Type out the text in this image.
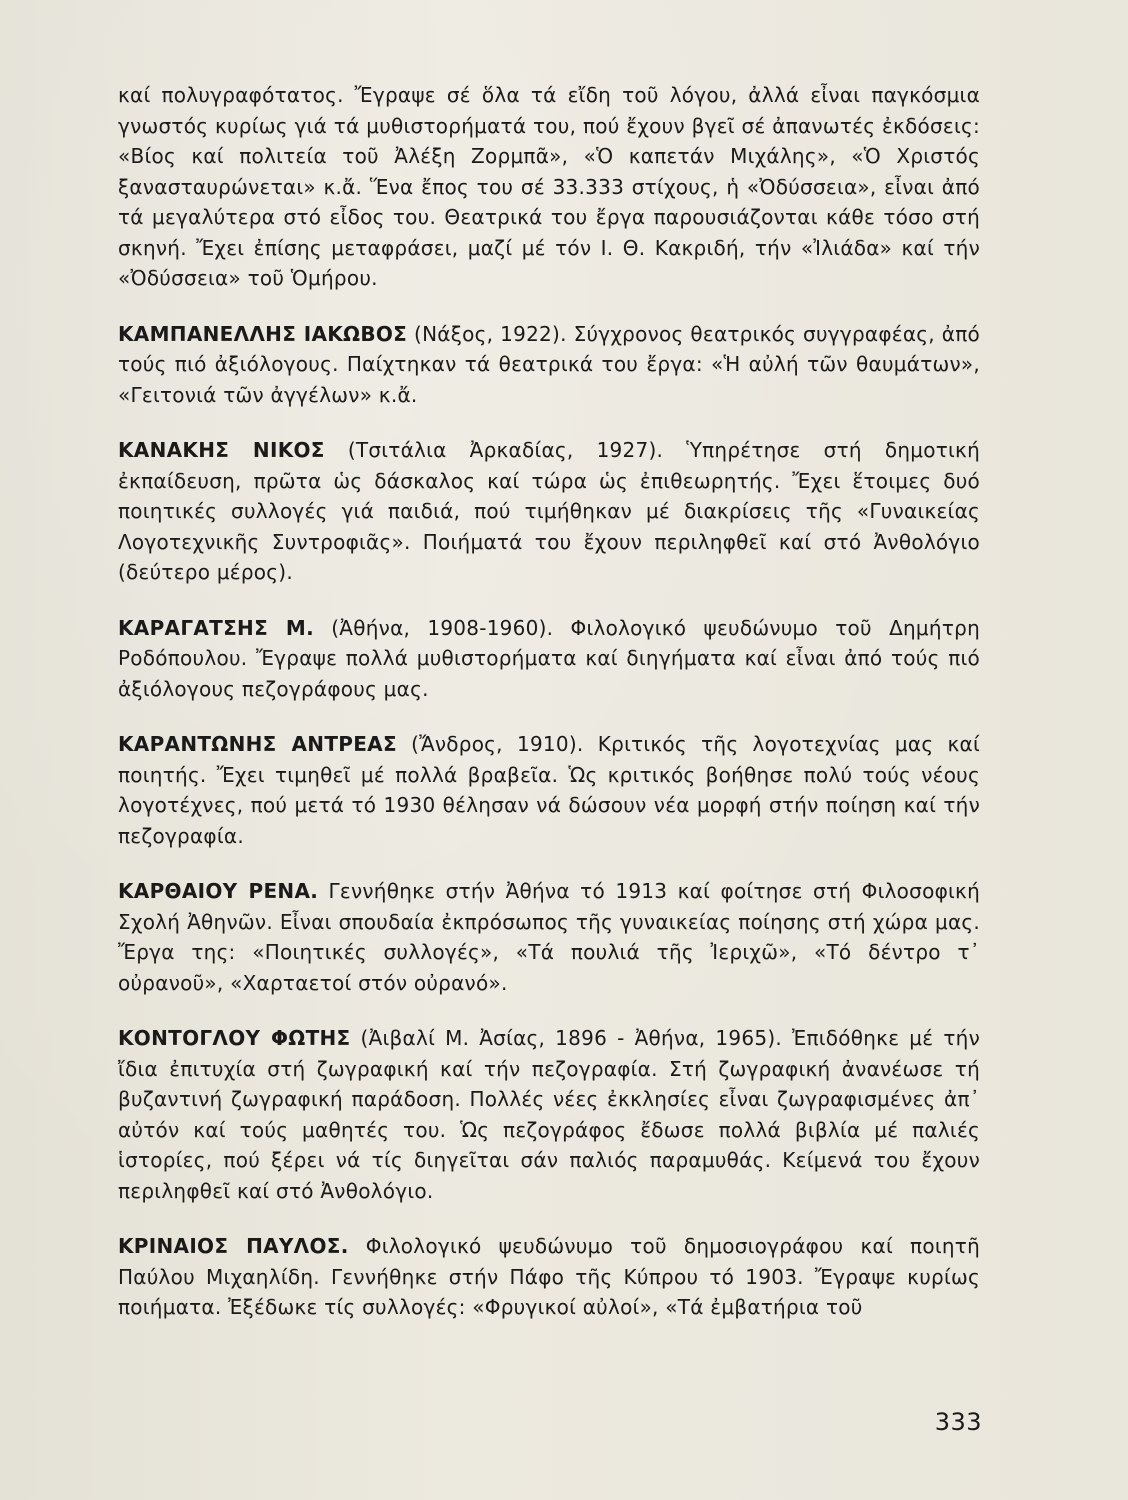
καί πολυγραφότατος. Ἔγραψε σέ ὅλα τά εἴδη τοῦ λόγου, ἀλλά εἶναι παγκόσμια γνωστός κυρίως γιά τά μυθιστορήματά του, πού ἔχουν βγεῖ σέ ἀπανωτές ἐκδόσεις: «Βίος καί πολιτεία τοῦ Ἀλέξη Ζορμπᾶ», «Ὁ καπετάν Μιχάλης», «Ὁ Χριστός ξανασταυρώνεται» κ.ἄ. Ἕνα ἔπος του σέ 33.333 στίχους, ἡ «Ὀδύσσεια», εἶναι ἀπό τά μεγαλύτερα στό εἶδος του. Θεατρικά του ἔργα παρουσιάζονται κάθε τόσο στή σκηνή. Ἔχει ἐπίσης μεταφράσει, μαζί μέ τόν Ι. Θ. Κακριδή, τήν «Ἰλιάδα» καί τήν «Ὀδύσσεια» τοῦ Ὁμήρου.

ΚΑΜΠΑΝΕΛΛΗΣ ΙΑΚΩΒΟΣ (Νάξος, 1922). Σύγχρονος θεατρικός συγγραφέας, ἀπό τούς πιό ἀξιόλογους. Παίχτηκαν τά θεατρικά του ἔργα: «Ἡ αὐλή τῶν θαυμάτων», «Γειτονιά τῶν ἀγγέλων» κ.ἄ.

ΚΑΝΑΚΗΣ ΝΙΚΟΣ (Τσιτάλια Ἀρκαδίας, 1927). Ὑπηρέτησε στή δημοτική ἐκπαίδευση, πρῶτα ὡς δάσκαλος καί τώρα ὡς ἐπιθεωρητής. Ἔχει ἕτοιμες δυό ποιητικές συλλογές γιά παιδιά, πού τιμήθηκαν μέ διακρίσεις τῆς «Γυναικείας Λογοτεχνικῆς Συντροφιᾶς». Ποιήματά του ἔχουν περιληφθεῖ καί στό Ἀνθολόγιο (δεύτερο μέρος).

ΚΑΡΑΓΑΤΣΗΣ Μ. (Ἀθήνα, 1908-1960). Φιλολογικό ψευδώνυμο τοῦ Δημήτρη Ροδόπουλου. Ἔγραψε πολλά μυθιστορήματα καί διηγήματα καί εἶναι ἀπό τούς πιό ἀξιόλογους πεζογράφους μας.

ΚΑΡΑΝΤΩΝΗΣ ΑΝΤΡΕΑΣ (Ἄνδρος, 1910). Κριτικός τῆς λογοτεχνίας μας καί ποιητής. Ἔχει τιμηθεῖ μέ πολλά βραβεῖα. Ὡς κριτικός βοήθησε πολύ τούς νέους λογοτέχνες, πού μετά τό 1930 θέλησαν νά δώσουν νέα μορφή στήν ποίηση καί τήν πεζογραφία.

ΚΑΡΘΑΙΟΥ ΡΕΝΑ. Γεννήθηκε στήν Ἀθήνα τό 1913 καί φοίτησε στή Φιλοσοφική Σχολή Ἀθηνῶν. Εἶναι σπουδαία ἐκπρόσωπος τῆς γυναικείας ποίησης στή χώρα μας. Ἔργα της: «Ποιητικές συλλογές», «Τά πουλιά τῆς Ἰεριχῶ», «Τό δέντρο τ᾽ οὐρανοῦ», «Χαρταετοί στόν οὐρανό».

ΚΟΝΤΟΓΛΟΥ ΦΩΤΗΣ (Ἀιβαλί Μ. Ἀσίας, 1896 - Ἀθήνα, 1965). Ἐπιδόθηκε μέ τήν ἴδια ἐπιτυχία στή ζωγραφική καί τήν πεζογραφία. Στή ζωγραφική ἀνανέωσε τή βυζαντινή ζωγραφική παράδοση. Πολλές νέες ἐκκλησίες εἶναι ζωγραφισμένες ἀπ᾽ αὐτόν καί τούς μαθητές του. Ὡς πεζογράφος ἔδωσε πολλά βιβλία μέ παλιές ἱστορίες, πού ξέρει νά τίς διηγεῖται σάν παλιός παραμυθάς. Κείμενά του ἔχουν περιληφθεῖ καί στό Ἀνθολόγιο.

ΚΡΙΝΑΙΟΣ ΠΑΥΛΟΣ. Φιλολογικό ψευδώνυμο τοῦ δημοσιογράφου καί ποιητῆ Παύλου Μιχαηλίδη. Γεννήθηκε στήν Πάφο τῆς Κύπρου τό 1903. Ἔγραψε κυρίως ποιήματα. Ἐξέδωκε τίς συλλογές: «Φρυγικοί αὐλοί», «Τά ἐμβατήρια τοῦ

333
